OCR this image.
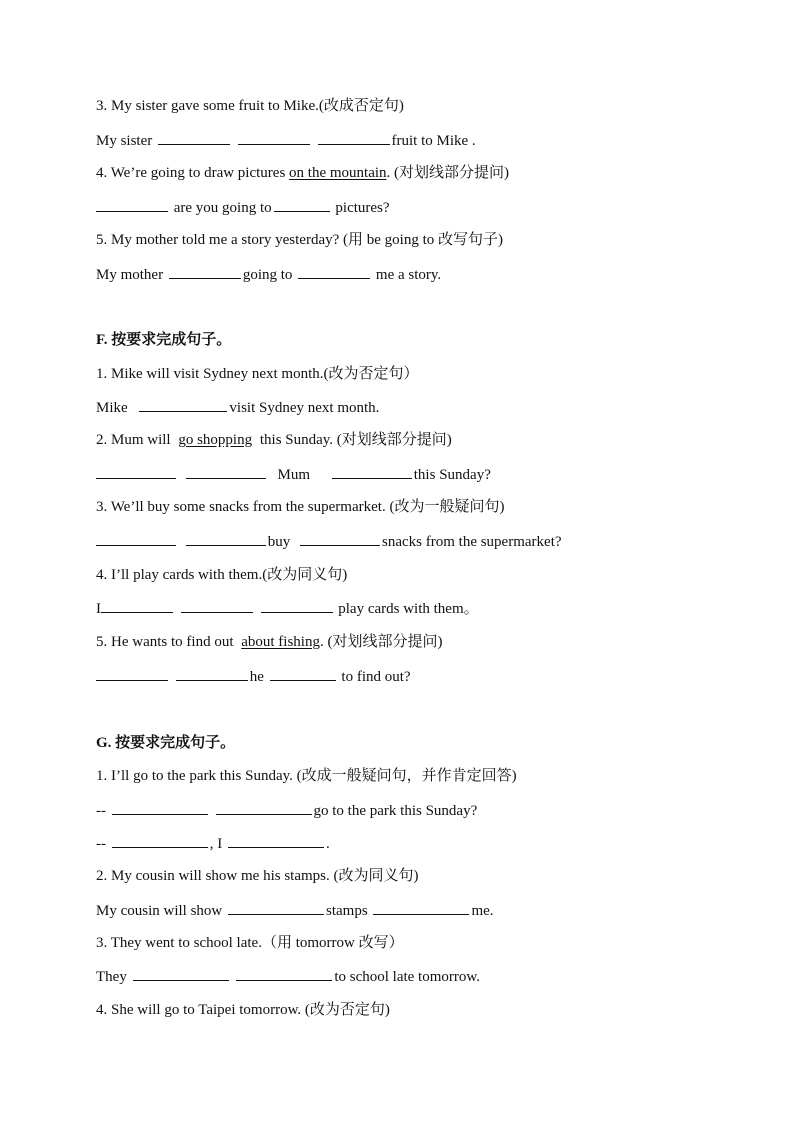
3. My sister gave some fruit to Mike.(改成否定句)
My sister	fruit to Mike .
4. We’re going to draw pictures on the mountain. (对划线部分提问)
are you going to	pictures?
5. My mother told me a story yesterday? (用 be going to 改写句子)
My mother	going to	me a story.
F. 按要求完成句子。
1. Mike will visit Sydney next month.(改为否定句）
Mike	visit Sydney next month.
2. Mum will go shopping this Sunday. (对划线部分提问)
Mum	this Sunday?
3. We’ll buy some snacks from the supermarket. (改为一般疑问句)
buy	snacks from the supermarket?
4. I’ll play cards with them.(改为同义句)
I	play cards with them。
5. He wants to find out about fishing. (对划线部分提问)
he	to find out?
G. 按要求完成句子。
1. I’ll go to the park this Sunday. (改成一般疑问句，并作肯定回答)
--	go to the park this Sunday?
--	, I	.
2. My cousin will show me his stamps. (改为同义句)
My cousin will show	stamps	me.
3. They went to school late.（用 tomorrow 改写）
They	to school late tomorrow.
4. She will go to Taipei tomorrow. (改为否定句)
